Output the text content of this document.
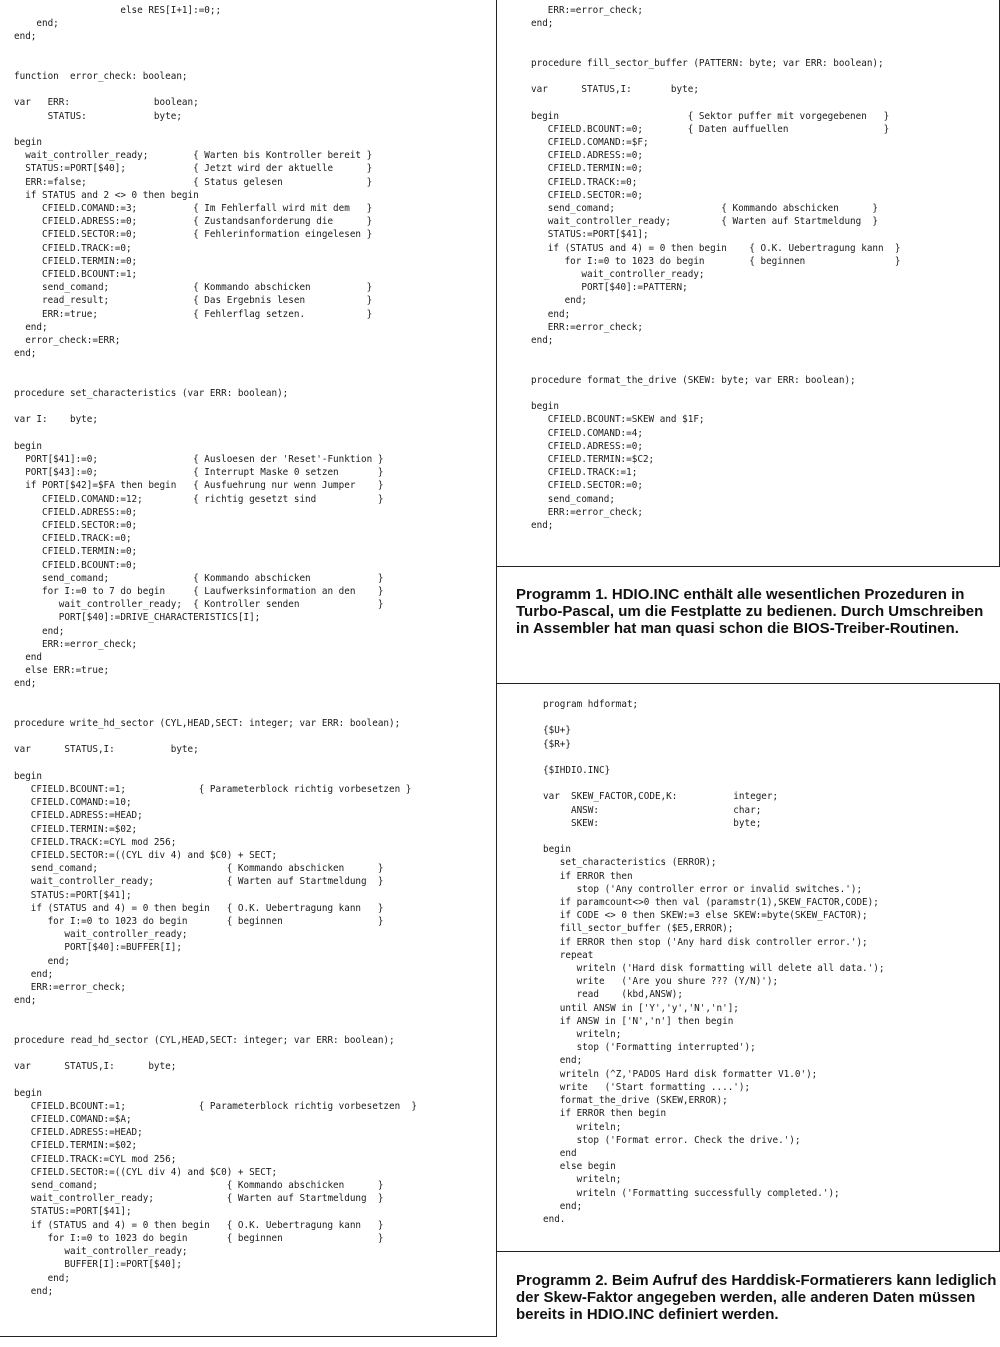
else RES[I+1]:=0;;
end;
end;

function  error_check: boolean;

var   ERR:               boolean;
STATUS:            byte;

begin
wait_controller_ready;        { Warten bis Kontroller bereit }
STATUS:=PORT[$40];            { Jetzt wird der aktuelle      }
ERR:=false;                   { Status gelesen               }
if STATUS and 2 <> 0 then begin
CFIELD.COMAND:=3;          { Im Fehlerfall wird mit dem   }
CFIELD.ADRESS:=0;          { Zustandsanforderung die      }
CFIELD.SECTOR:=0;          { Fehlerinformation eingelesen }
CFIELD.TRACK:=0;
CFIELD.TERMIN:=0;
CFIELD.BCOUNT:=1;
send_comand;               { Kommando abschicken          }
read_result;               { Das Ergebnis lesen           }
ERR:=true;                 { Fehlerflag setzen.           }
end;
error_check:=ERR;
end;

procedure set_characteristics (var ERR: boolean);

var I:    byte;

begin
PORT[$41]:=0;                 { Ausloesen der 'Reset'-Funktion }
PORT[$43]:=0;                 { Interrupt Maske 0 setzen       }
if PORT[$42]=$FA then begin   { Ausfuehrung nur wenn Jumper    }
CFIELD.COMAND:=12;         { richtig gesetzt sind           }
CFIELD.ADRESS:=0;
CFIELD.SECTOR:=0;
CFIELD.TRACK:=0;
CFIELD.TERMIN:=0;
CFIELD.BCOUNT:=0;
send_comand;               { Kommando abschicken            }
for I:=0 to 7 do begin     { Laufwerksinformation an den    }
wait_controller_ready;  { Kontroller senden              }
PORT[$40]:=DRIVE_CHARACTERISTICS[I];
end;
ERR:=error_check;
end
else ERR:=true;
end;

procedure write_hd_sector (CYL,HEAD,SECT: integer; var ERR: boolean);

var      STATUS,I:          byte;

begin
CFIELD.BCOUNT:=1;             { Parameterblock richtig vorbesetzen }
CFIELD.COMAND:=10;
CFIELD.ADRESS:=HEAD;
CFIELD.TERMIN:=$02;
CFIELD.TRACK:=CYL mod 256;
CFIELD.SECTOR:=((CYL div 4) and $C0) + SECT;
send_comand;                       { Kommando abschicken      }
wait_controller_ready;             { Warten auf Startmeldung  }
STATUS:=PORT[$41];
if (STATUS and 4) = 0 then begin   { O.K. Uebertragung kann   }
for I:=0 to 1023 do begin       { beginnen                 }
wait_controller_ready;
PORT[$40]:=BUFFER[I];
end;
end;
ERR:=error_check;
end;

procedure read_hd_sector (CYL,HEAD,SECT: integer; var ERR: boolean);

var      STATUS,I:      byte;

begin
CFIELD.BCOUNT:=1;             { Parameterblock richtig vorbesetzen  }
CFIELD.COMAND:=$A;
CFIELD.ADRESS:=HEAD;
CFIELD.TERMIN:=$02;
CFIELD.TRACK:=CYL mod 256;
CFIELD.SECTOR:=((CYL div 4) and $C0) + SECT;
send_comand;                       { Kommando abschicken      }
wait_controller_ready;             { Warten auf Startmeldung  }
STATUS:=PORT[$41];
if (STATUS and 4) = 0 then begin   { O.K. Uebertragung kann   }
for I:=0 to 1023 do begin       { beginnen                 }
wait_controller_ready;
BUFFER[I]:=PORT[$40];
end;
end;
ERR:=error_check;
end;

procedure fill_sector_buffer (PATTERN: byte; var ERR: boolean);

var      STATUS,I:       byte;

begin                       { Sektor puffer mit vorgegebenen   }
CFIELD.BCOUNT:=0;        { Daten auffuellen                 }
CFIELD.COMAND:=$F;
CFIELD.ADRESS:=0;
CFIELD.TERMIN:=0;
CFIELD.TRACK:=0;
CFIELD.SECTOR:=0;
send_comand;                   { Kommando abschicken      }
wait_controller_ready;         { Warten auf Startmeldung  }
STATUS:=PORT[$41];
if (STATUS and 4) = 0 then begin    { O.K. Uebertragung kann  }
for I:=0 to 1023 do begin        { beginnen                }
wait_controller_ready;
PORT[$40]:=PATTERN;
end;
end;
ERR:=error_check;
end;

procedure format_the_drive (SKEW: byte; var ERR: boolean);

begin
CFIELD.BCOUNT:=SKEW and $1F;
CFIELD.COMAND:=4;
CFIELD.ADRESS:=0;
CFIELD.TERMIN:=$C2;
CFIELD.TRACK:=1;
CFIELD.SECTOR:=0;
send_comand;
ERR:=error_check;
end;

Programm 1. HDIO.INC enthält alle wesentlichen Prozeduren in Turbo-Pascal, um die Festplatte zu bedienen. Durch Umschreiben in Assembler hat man quasi schon die BIOS-Treiber-Routinen.

program hdformat;

{$U+}
{$R+}

{$IHDIO.INC}

var  SKEW_FACTOR,CODE,K:          integer;
ANSW:                        char;
SKEW:                        byte;

begin
set_characteristics (ERROR);
if ERROR then
stop ('Any controller error or invalid switches.');
if paramcount<>0 then val (paramstr(1),SKEW_FACTOR,CODE);
if CODE <> 0 then SKEW:=3 else SKEW:=byte(SKEW_FACTOR);
fill_sector_buffer ($E5,ERROR);
if ERROR then stop ('Any hard disk controller error.');
repeat
writeln ('Hard disk formatting will delete all data.');
write   ('Are you shure ??? (Y/N)');
read    (kbd,ANSW);
until ANSW in ['Y','y','N','n'];
if ANSW in ['N','n'] then begin
writeln;
stop ('Formatting interrupted');
end;
writeln (^Z,'PADOS Hard disk formatter V1.0');
write   ('Start formatting ....');
format_the_drive (SKEW,ERROR);
if ERROR then begin
writeln;
stop ('Format error. Check the drive.');
end
else begin
writeln;
writeln ('Formatting successfully completed.');
end;
end.

Programm 2. Beim Aufruf des Harddisk-Formatierers kann lediglich der Skew-Faktor angegeben werden, alle anderen Daten müssen bereits in HDIO.INC definiert werden.
